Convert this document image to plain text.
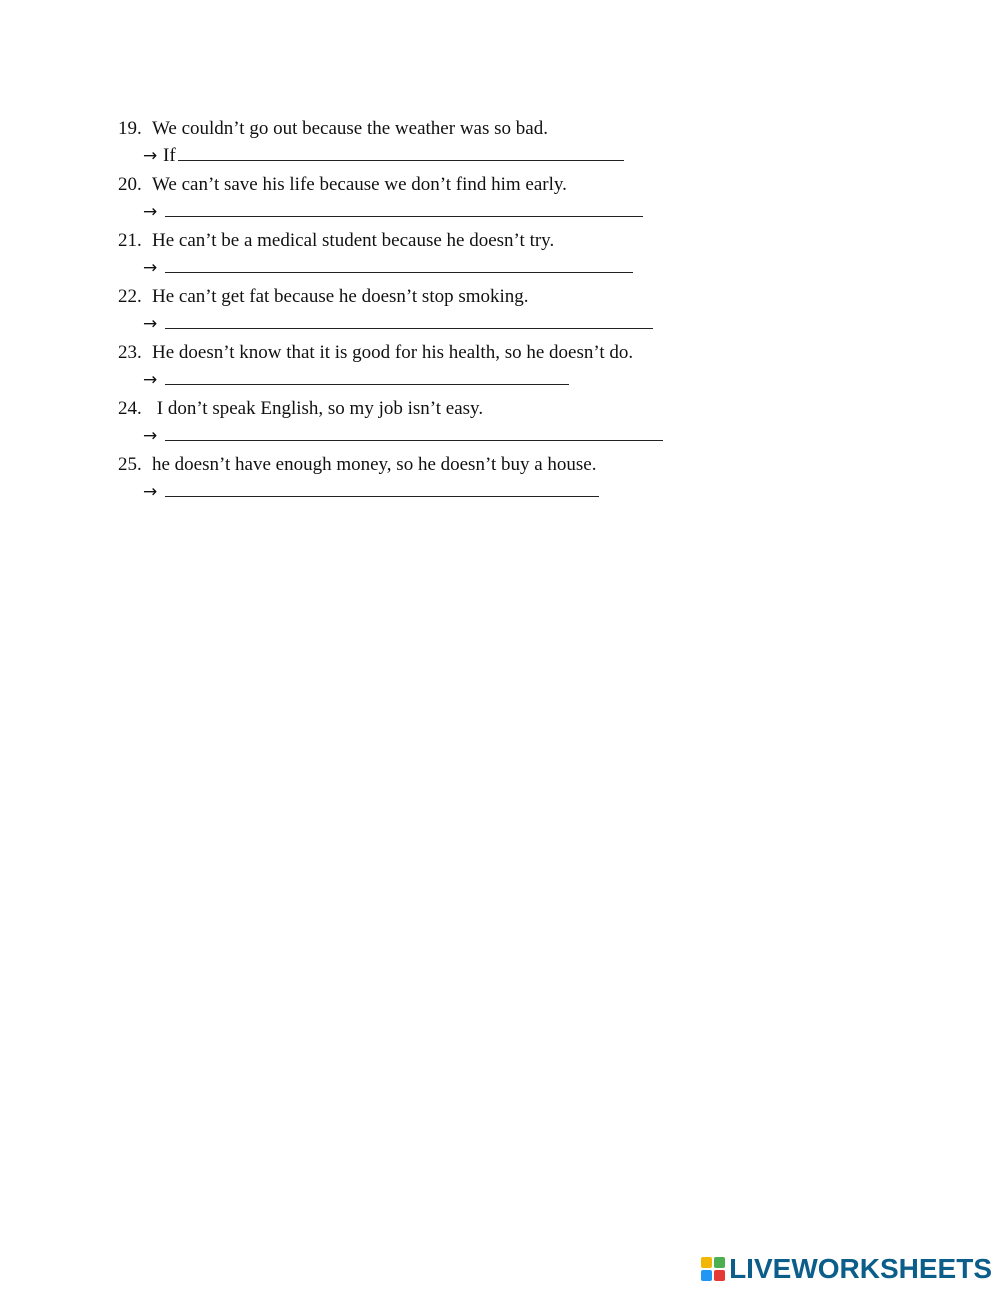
19. We couldn’t go out because the weather was so bad.
→ If
20. We can’t save his life because we don’t find him early.
→
21. He can’t be a medical student because he doesn’t try.
→
22. He can’t get fat because he doesn’t stop smoking.
→
23. He doesn’t know that it is good for his health, so he doesn’t do.
→
24. I don’t speak English, so my job isn’t easy.
→
25. he doesn’t have enough money, so he doesn’t buy a house.
→
LIVEWORKSHEETS
